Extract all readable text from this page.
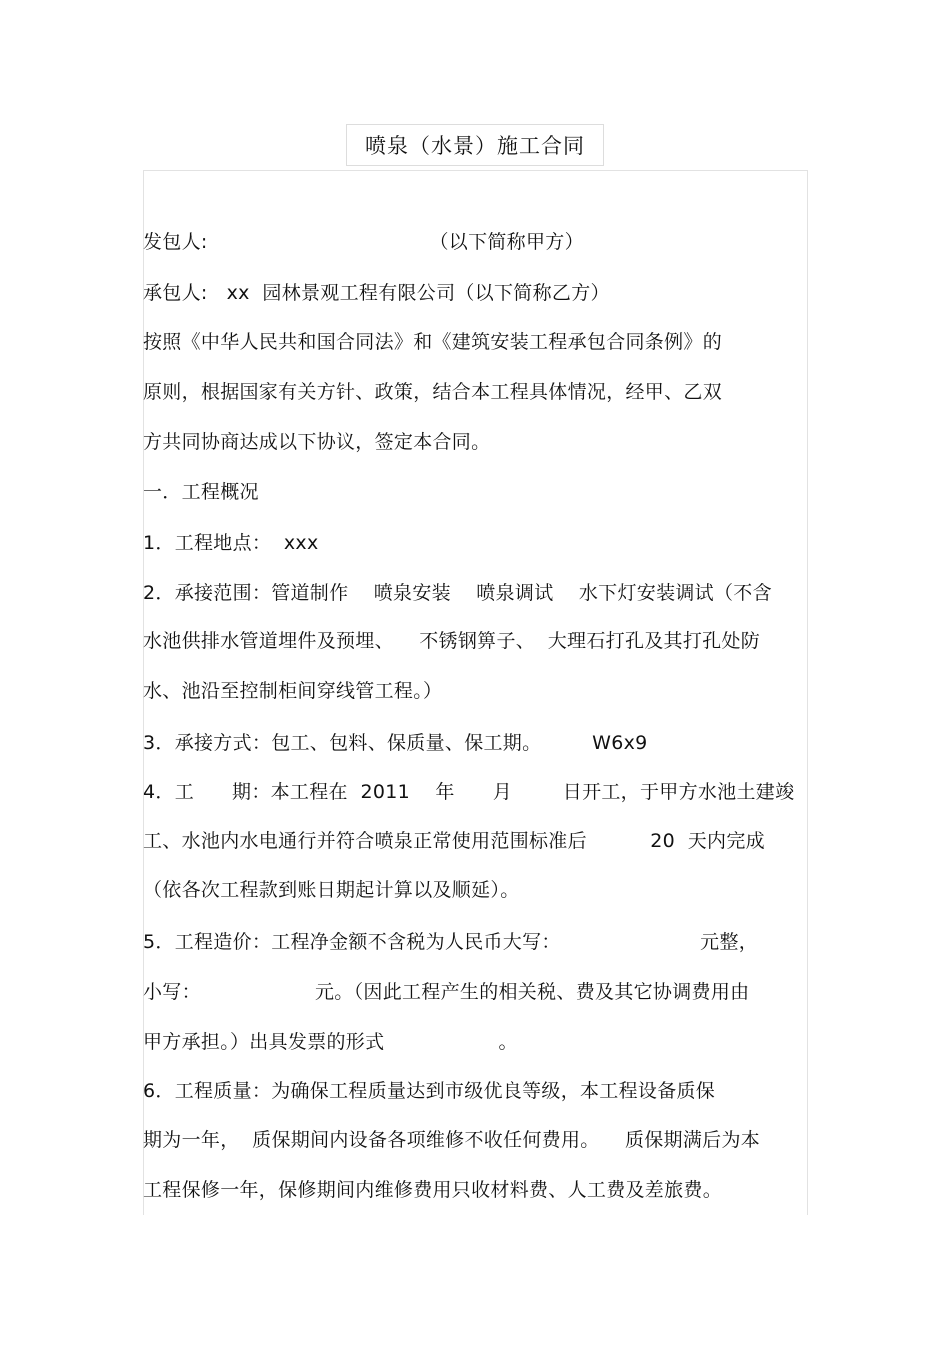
喷泉（水景）施工合同
发包人:                                   （以下简称甲方）
承包人:   xx  园林景观工程有限公司（以下简称乙方）
按照《中华人民共和国合同法》和《建筑安装工程承包合同条例》的
原则，根据国家有关方针、政策，结合本工程具体情况，经甲、乙双
方共同协商达成以下协议，签定本合同。
一．工程概况
1．工程地点：  xxx
2．承接范围：管道制作    喷泉安装    喷泉调试    水下灯安装调试（不含
水池供排水管道埋件及预埋、    不锈钢箅子、  大理石打孔及其打孔处防
水、池沿至控制柜间穿线管工程。）
3．承接方式：包工、包料、保质量、保工期。        W6x9
4．工      期：本工程在  2011    年      月        日开工，于甲方水池土建竣
工、水池内水电通行并符合喷泉正常使用范围标准后          20  天内完成
（依各次工程款到账日期起计算以及顺延）。
5．工程造价：工程净金额不含税为人民币大写：                      元整，
小写：                  元。（因此工程产生的相关税、费及其它协调费用由
甲方承担。）出具发票的形式                  。
6．工程质量：为确保工程质量达到市级优良等级，本工程设备质保
期为一年，  质保期间内设备各项维修不收任何费用。    质保期满后为本
工程保修一年，保修期间内维修费用只收材料费、人工费及差旅费。
